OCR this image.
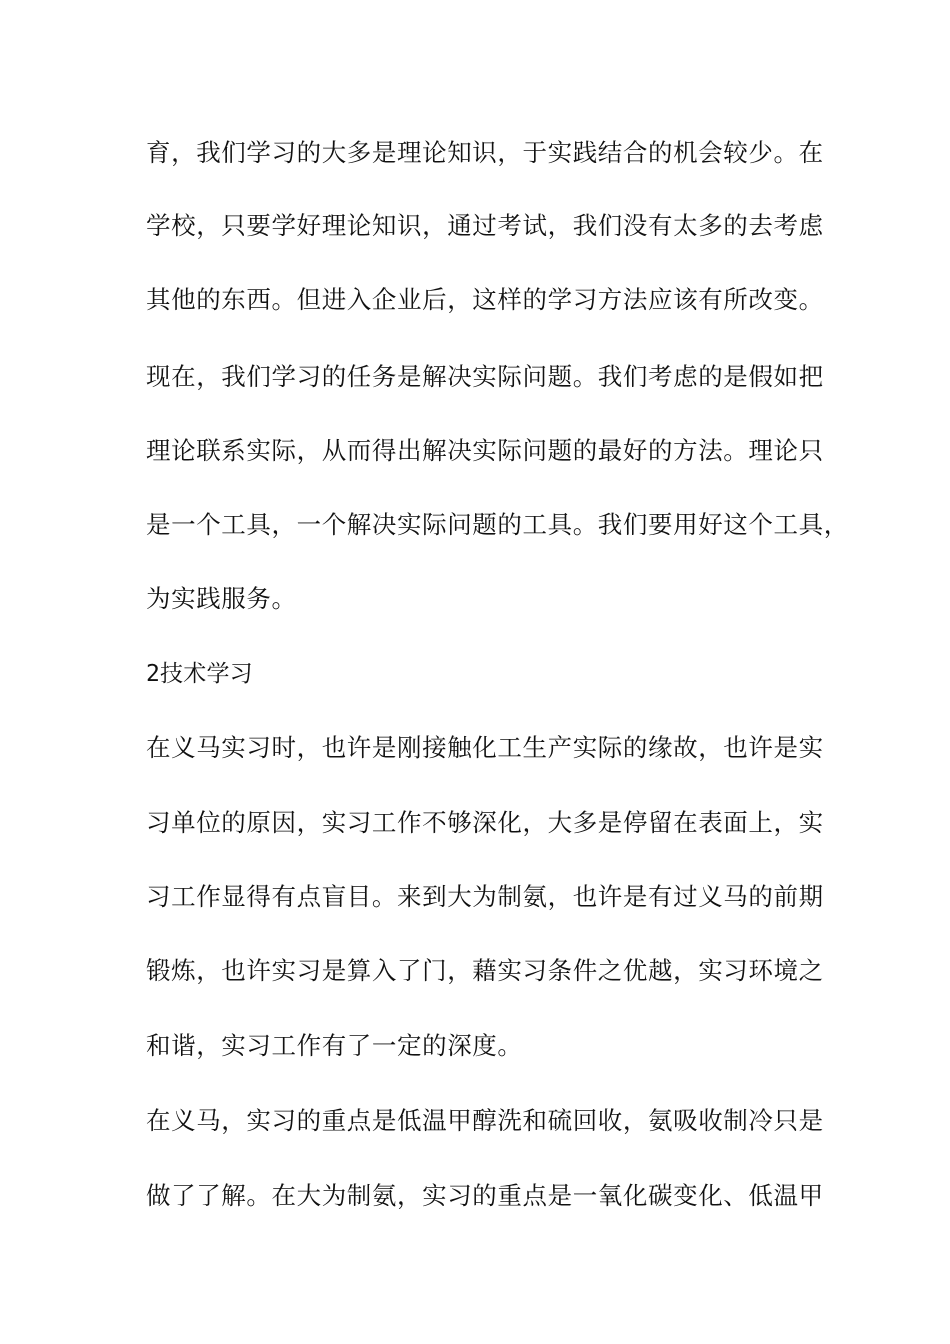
育，我们学习的大多是理论知识，于实践结合的机会较少。在
学校，只要学好理论知识，通过考试，我们没有太多的去考虑
其他的东西。但进入企业后，这样的学习方法应该有所改变。
现在，我们学习的任务是解决实际问题。我们考虑的是假如把
理论联系实际，从而得出解决实际问题的最好的方法。理论只
是一个工具，一个解决实际问题的工具。我们要用好这个工具，
为实践服务。
2技术学习
在义马实习时，也许是刚接触化工生产实际的缘故，也许是实
习单位的原因，实习工作不够深化，大多是停留在表面上，实
习工作显得有点盲目。来到大为制氨，也许是有过义马的前期
锻炼，也许实习是算入了门，藉实习条件之优越，实习环境之
和谐，实习工作有了一定的深度。
在义马，实习的重点是低温甲醇洗和硫回收，氨吸收制冷只是
做了了解。在大为制氨，实习的重点是一氧化碳变化、低温甲
